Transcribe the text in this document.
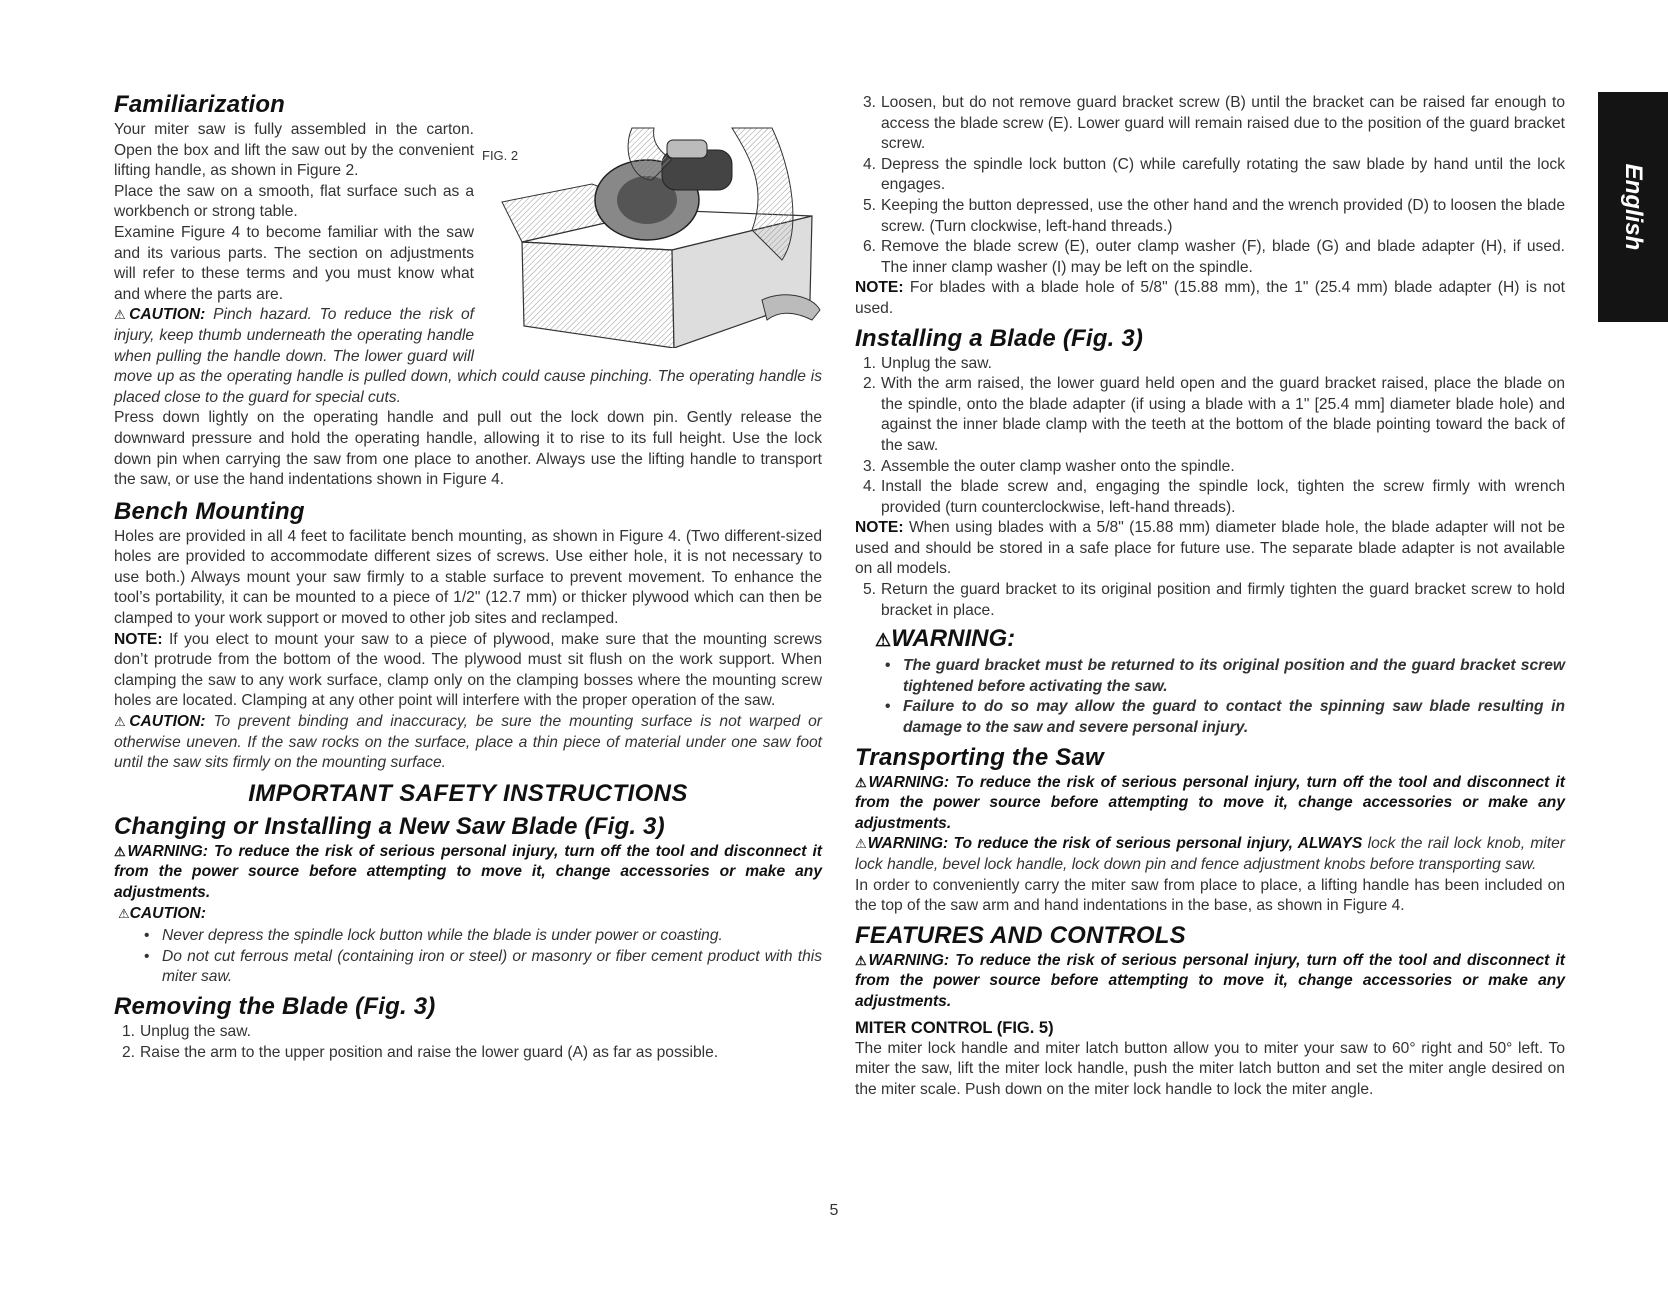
Familiarization
FIG. 2

Your miter saw is fully assembled in the carton. Open the box and lift the saw out by the convenient lifting handle, as shown in Figure 2.

Place the saw on a smooth, flat surface such as a workbench or strong table.

Examine Figure 4 to become familiar with the saw and its various parts. The section on adjustments will refer to these terms and you must know what and where the parts are.

⚠CAUTION: Pinch hazard. To reduce the risk of injury, keep thumb underneath the operating handle when pulling the handle down. The lower guard will move up as the operating handle is pulled down, which could cause pinching. The operating handle is placed close to the guard for special cuts.

Press down lightly on the operating handle and pull out the lock down pin. Gently release the downward pressure and hold the operating handle, allowing it to rise to its full height. Use the lock down pin when carrying the saw from one place to another. Always use the lifting handle to transport the saw, or use the hand indentations shown in Figure 4.

Bench Mounting

Holes are provided in all 4 feet to facilitate bench mounting, as shown in Figure 4. (Two different-sized holes are provided to accommodate different sizes of screws. Use either hole, it is not necessary to use both.) Always mount your saw firmly to a stable surface to prevent movement. To enhance the tool’s portability, it can be mounted to a piece of 1/2" (12.7 mm) or thicker plywood which can then be clamped to your work support or moved to other job sites and reclamped.

NOTE: If you elect to mount your saw to a piece of plywood, make sure that the mounting screws don’t protrude from the bottom of the wood. The plywood must sit flush on the work support. When clamping the saw to any work surface, clamp only on the clamping bosses where the mounting screw holes are located. Clamping at any other point will interfere with the proper operation of the saw.

⚠CAUTION: To prevent binding and inaccuracy, be sure the mounting surface is not warped or otherwise uneven. If the saw rocks on the surface, place a thin piece of material under one saw foot until the saw sits firmly on the mounting surface.

IMPORTANT SAFETY INSTRUCTIONS
Changing or Installing a New Saw Blade (Fig. 3)

⚠WARNING: To reduce the risk of serious personal injury, turn off the tool and disconnect it from the power source before attempting to move it, change accessories or make any adjustments.

⚠CAUTION:

• Never depress the spindle lock button while the blade is under power or coasting.
• Do not cut ferrous metal (containing iron or steel) or masonry or fiber cement product with this miter saw.
Removing the Blade (Fig. 3)
1. Unplug the saw.
2. Raise the arm to the upper position and raise the lower guard (A) as far as possible.
3. Loosen, but do not remove guard bracket screw (B) until the bracket can be raised far enough to access the blade screw (E). Lower guard will remain raised due to the position of the guard bracket screw.
4. Depress the spindle lock button (C) while carefully rotating the saw blade by hand until the lock engages.
5. Keeping the button depressed, use the other hand and the wrench provided (D) to loosen the blade screw. (Turn clockwise, left-hand threads.)
6. Remove the blade screw (E), outer clamp washer (F), blade (G) and blade adapter (H), if used. The inner clamp washer (I) may be left on the spindle.

NOTE: For blades with a blade hole of 5/8" (15.88 mm), the 1" (25.4 mm) blade adapter (H) is not used.

Installing a Blade (Fig. 3)
1. Unplug the saw.
2. With the arm raised, the lower guard held open and the guard bracket raised, place the blade on the spindle, onto the blade adapter (if using a blade with a 1" [25.4 mm] diameter blade hole) and against the inner blade clamp with the teeth at the bottom of the blade pointing toward the back of the saw.
3. Assemble the outer clamp washer onto the spindle.
4. Install the blade screw and, engaging the spindle lock, tighten the screw firmly with wrench provided (turn counterclockwise, left-hand threads).

NOTE: When using blades with a 5/8" (15.88 mm) diameter blade hole, the blade adapter will not be used and should be stored in a safe place for future use. The separate blade adapter is not available on all models.

5. Return the guard bracket to its original position and firmly tighten the guard bracket screw to hold bracket in place.
⚠WARNING:
• The guard bracket must be returned to its original position and the guard bracket screw tightened before activating the saw.
• Failure to do so may allow the guard to contact the spinning saw blade resulting in damage to the saw and severe personal injury.
Transporting the Saw

⚠WARNING: To reduce the risk of serious personal injury, turn off the tool and disconnect it from the power source before attempting to move it, change accessories or make any adjustments.

⚠WARNING: To reduce the risk of serious personal injury, ALWAYS lock the rail lock knob, miter lock handle, bevel lock handle, lock down pin and fence adjustment knobs before transporting saw.

In order to conveniently carry the miter saw from place to place, a lifting handle has been included on the top of the saw arm and hand indentations in the base, as shown in Figure 4.

FEATURES AND CONTROLS

⚠WARNING: To reduce the risk of serious personal injury, turn off the tool and disconnect it from the power source before attempting to move it, change accessories or make any adjustments.

MITER CONTROL (FIG. 5)

The miter lock handle and miter latch button allow you to miter your saw to 60° right and 50° left. To miter the saw, lift the miter lock handle, push the miter latch button and set the miter angle desired on the miter scale. Push down on the miter lock handle to lock the miter angle.

English
5
